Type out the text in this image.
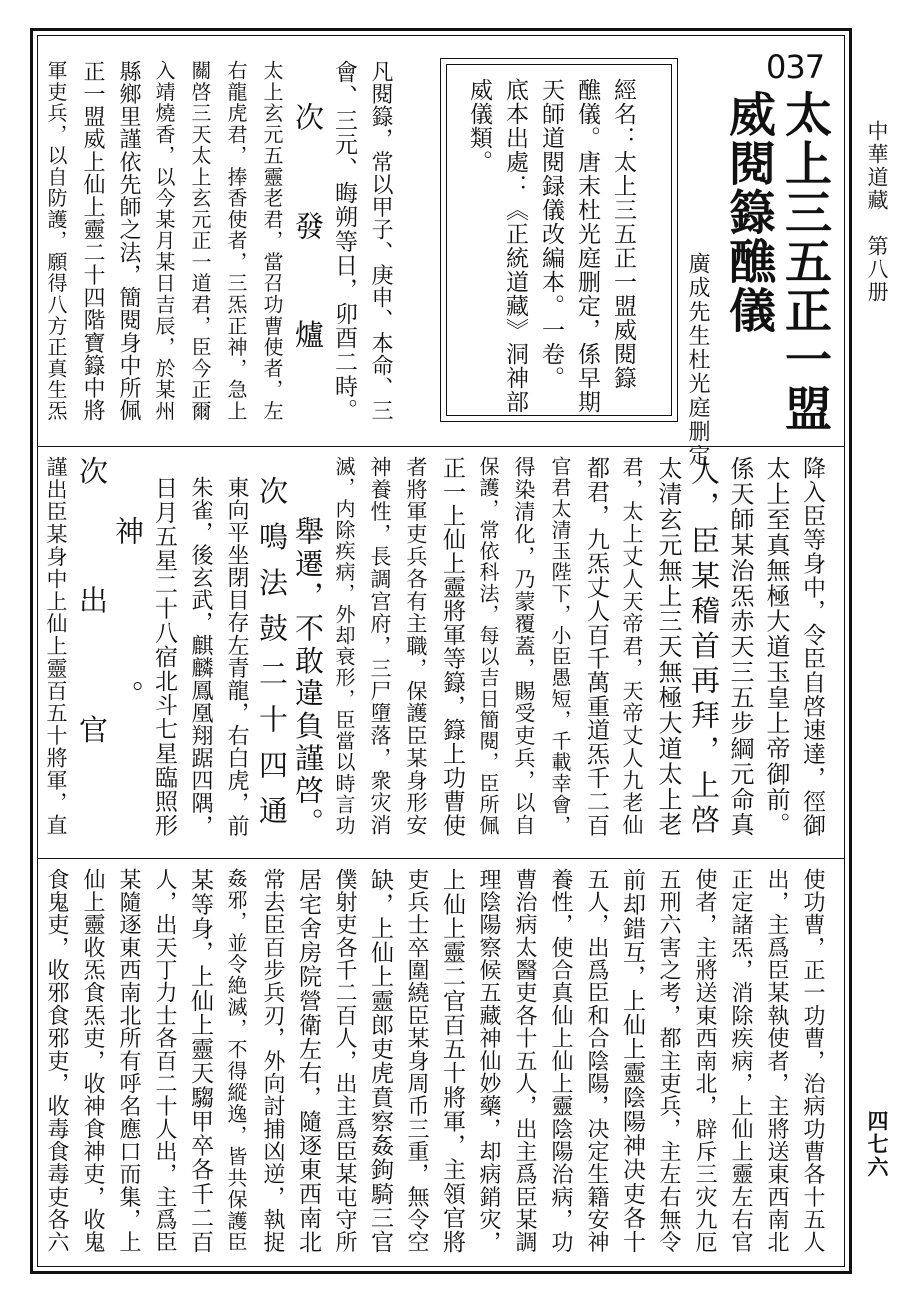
中華道藏　第八册
四七六
037
太上三五正一盟威閱籙醮儀
廣成先生杜光庭删定
經名：太上三五正一盟威閱籙
醮儀。唐末杜光庭删定，係早期
天師道閱録儀改編本。一卷。
底本出處：《正統道藏》洞神部
威儀類。
凡閱籙，常以甲子、庚申、本命、三
會、三元、晦朔等日，卯酉二時。
次發爐
太上玄元五靈老君，當召功曹使者，左
右龍虎君，捧香使者，三炁正神，急上
關啓三天太上玄元正一道君，臣今正爾
入靖燒香，以今某月某日吉辰，於某州
縣鄉里謹依先師之法，簡閱身中所佩
正一盟威上仙上靈二十四階寶籙中將
軍吏兵，以自防護，願得八方正真生炁
降入臣等身中，令臣自啓速達，徑御
太上至真無極大道玉皇上帝御前。
係天師某治炁赤天三五步綱元命真
人，臣某稽首再拜，上啓
太清玄元無上三天無極大道太上老
君，太上丈人天帝君，天帝丈人九老仙
都君，九炁丈人百千萬重道炁千二百
官君太清玉陛下，小臣愚短，千載幸會，
得染清化，乃蒙覆蓋，賜受吏兵，以自
保護，常依科法，每以吉日簡閱，臣所佩
正一上仙上靈將軍等籙，籙上功曹使
者將軍吏兵各有主職，保護臣某身形安
神養性，長調宫府，三尸墮落，衆灾消
滅，内除疾病，外却衰形，臣當以時言功
舉遷，不敢違負謹啓。
次鳴法鼓二十四通
東向平坐閉目存左青龍，右白虎，前
朱雀，後玄武，麒麟鳳凰翔踞四隅，
日月五星二十八宿北斗七星臨照形
神。
次出官
謹出臣某身中上仙上靈百五十將軍，直
使功曹，正一功曹，治病功曹各十五人
出，主爲臣某執使者，主將送東西南北
正定諸炁，消除疾病，上仙上靈左右官
使者，主將送東西南北，辟斥三灾九厄
五刑六害之考，都主吏兵，主左右無令
前却錯互，上仙上靈陰陽神决吏各十
五人，出爲臣和合陰陽，决定生籍安神
養性，使合真仙上仙上靈陰陽治病，功
曹治病太醫吏各十五人，出主爲臣某調
理陰陽察候五藏神仙妙藥，却病銷灾，
上仙上靈二官百五十將軍，主領官將
吏兵士卒圍繞臣某身周币三重，無令空
缺，上仙上靈郎吏虎賁察姦鉤騎三官
僕射吏各千二百人，出主爲臣某屯守所
居宅舍房院營衛左右，隨逐東西南北
常去臣百步兵刃，外向討捕凶逆，執捉
姦邪，並令絶滅，不得縱逸，皆共保護臣
某等身，上仙上靈天騶甲卒各千二百
人，出天丁力士各百二十人出，主爲臣
某隨逐東西南北所有呼名應口而集，上
仙上靈收炁食炁吏，收神食神吏，收鬼
食鬼吏，收邪食邪吏，收毒食毒吏各六
